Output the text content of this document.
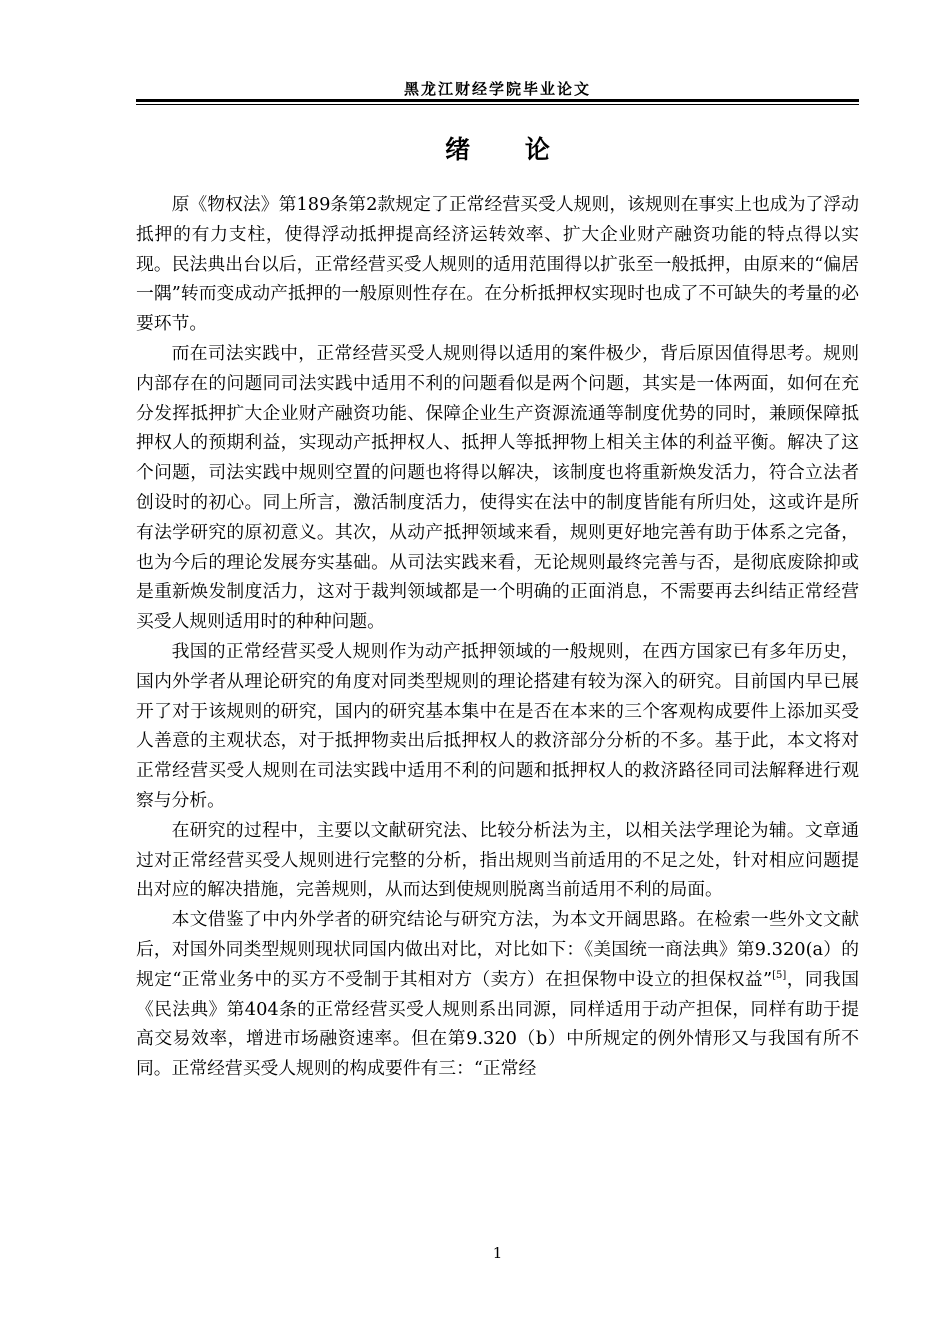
黑龙江财经学院毕业论文
绪 论

原《物权法》第189条第2款规定了正常经营买受人规则，该规则在事实上也成为了浮动抵押的有力支柱，使得浮动抵押提高经济运转效率、扩大企业财产融资功能的特点得以实现。民法典出台以后，正常经营买受人规则的适用范围得以扩张至一般抵押，由原来的“偏居一隅”转而变成动产抵押的一般原则性存在。在分析抵押权实现时也成了不可缺失的考量的必要环节。

而在司法实践中，正常经营买受人规则得以适用的案件极少，背后原因值得思考。规则内部存在的问题同司法实践中适用不利的问题看似是两个问题，其实是一体两面，如何在充分发挥抵押扩大企业财产融资功能、保障企业生产资源流通等制度优势的同时，兼顾保障抵押权人的预期利益，实现动产抵押权人、抵押人等抵押物上相关主体的利益平衡。解决了这个问题，司法实践中规则空置的问题也将得以解决，该制度也将重新焕发活力，符合立法者创设时的初心。同上所言，激活制度活力，使得实在法中的制度皆能有所归处，这或许是所有法学研究的原初意义。其次，从动产抵押领域来看，规则更好地完善有助于体系之完备，也为今后的理论发展夯实基础。从司法实践来看，无论规则最终完善与否，是彻底废除抑或是重新焕发制度活力，这对于裁判领域都是一个明确的正面消息，不需要再去纠结正常经营买受人规则适用时的种种问题。

我国的正常经营买受人规则作为动产抵押领域的一般规则，在西方国家已有多年历史，国内外学者从理论研究的角度对同类型规则的理论搭建有较为深入的研究。目前国内早已展开了对于该规则的研究，国内的研究基本集中在是否在本来的三个客观构成要件上添加买受人善意的主观状态，对于抵押物卖出后抵押权人的救济部分分析的不多。基于此，本文将对正常经营买受人规则在司法实践中适用不利的问题和抵押权人的救济路径同司法解释进行观察与分析。

在研究的过程中，主要以文献研究法、比较分析法为主，以相关法学理论为辅。文章通过对正常经营买受人规则进行完整的分析，指出规则当前适用的不足之处，针对相应问题提出对应的解决措施，完善规则，从而达到使规则脱离当前适用不利的局面。

本文借鉴了中内外学者的研究结论与研究方法，为本文开阔思路。在检索一些外文文献后，对国外同类型规则现状同国内做出对比，对比如下：《美国统一商法典》第9.320(a）的规定“正常业务中的买方不受制于其相对方（卖方）在担保物中设立的担保权益”[5]，同我国《民法典》第404条的正常经营买受人规则系出同源，同样适用于动产担保，同样有助于提高交易效率，增进市场融资速率。但在第9.320（b）中所规定的例外情形又与我国有所不同。正常经营买受人规则的构成要件有三：“正常经

1
